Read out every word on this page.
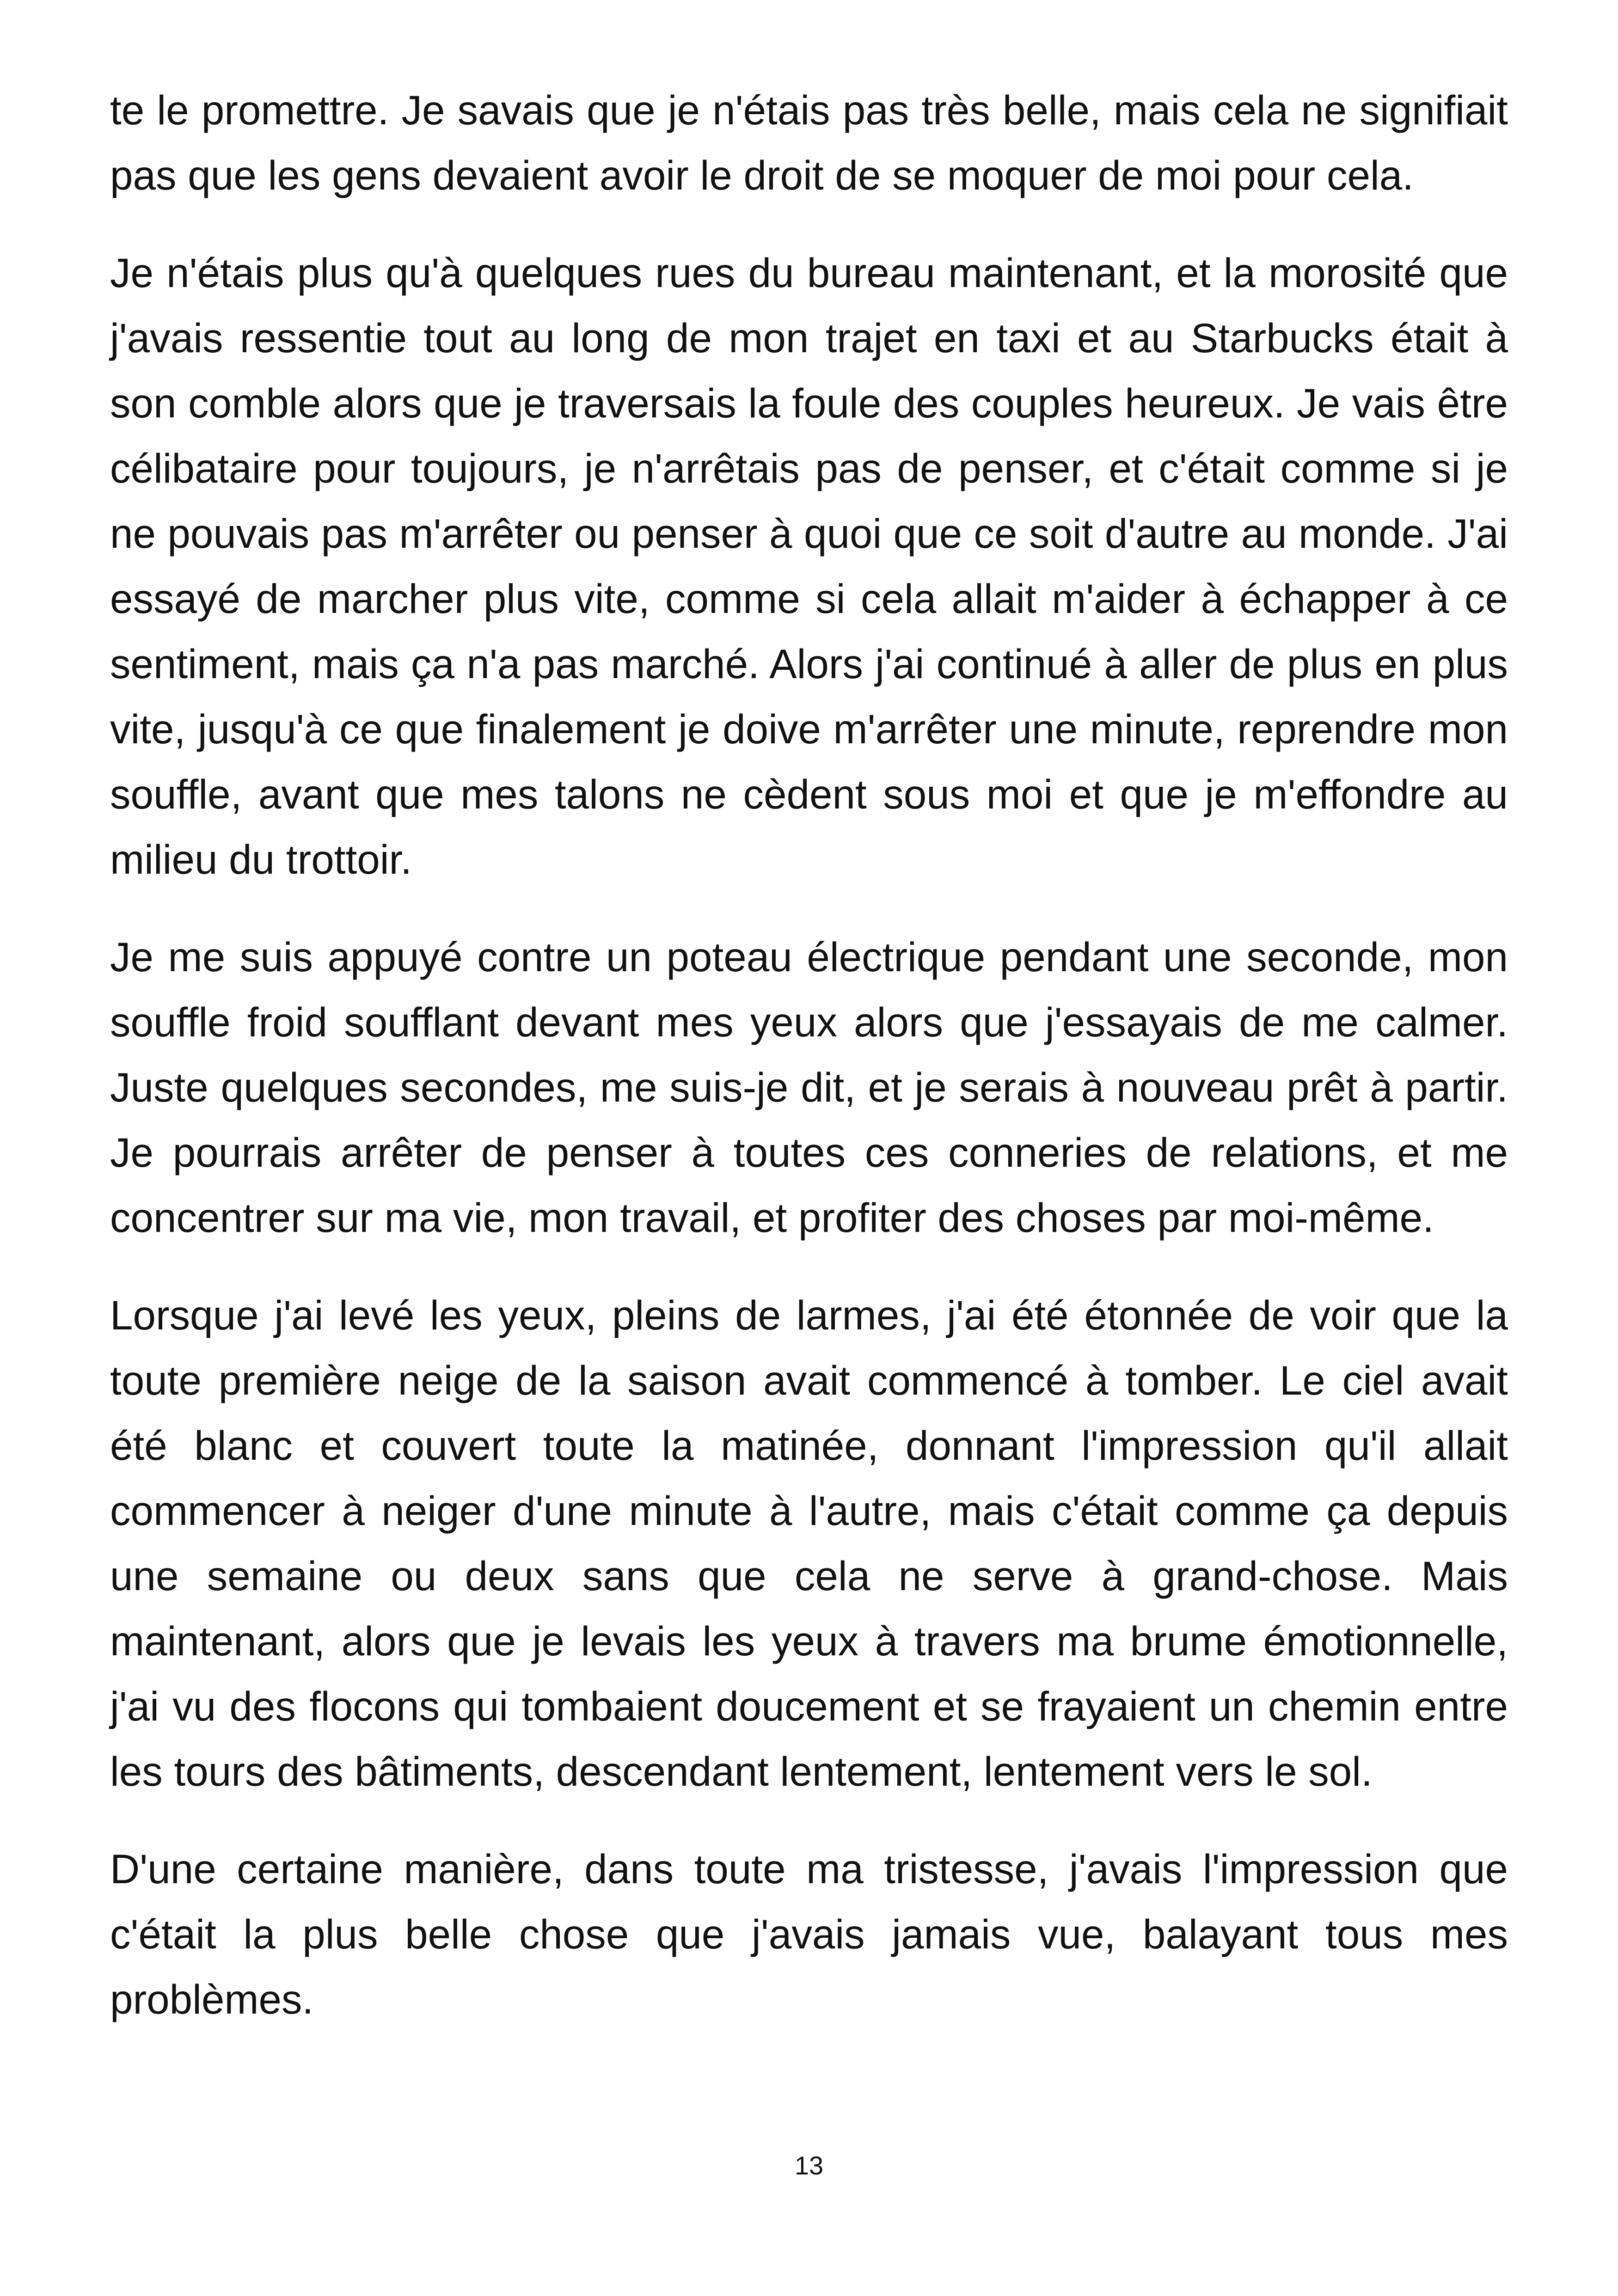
te le promettre. Je savais que je n'étais pas très belle, mais cela ne signifiait pas que les gens devaient avoir le droit de se moquer de moi pour cela.

Je n'étais plus qu'à quelques rues du bureau maintenant, et la morosité que j'avais ressentie tout au long de mon trajet en taxi et au Starbucks était à son comble alors que je traversais la foule des couples heureux. Je vais être célibataire pour toujours, je n'arrêtais pas de penser, et c'était comme si je ne pouvais pas m'arrêter ou penser à quoi que ce soit d'autre au monde. J'ai essayé de marcher plus vite, comme si cela allait m'aider à échapper à ce sentiment, mais ça n'a pas marché. Alors j'ai continué à aller de plus en plus vite, jusqu'à ce que finalement je doive m'arrêter une minute, reprendre mon souffle, avant que mes talons ne cèdent sous moi et que je m'effondre au milieu du trottoir.

Je me suis appuyé contre un poteau électrique pendant une seconde, mon souffle froid soufflant devant mes yeux alors que j'essayais de me calmer. Juste quelques secondes, me suis-je dit, et je serais à nouveau prêt à partir. Je pourrais arrêter de penser à toutes ces conneries de relations, et me concentrer sur ma vie, mon travail, et profiter des choses par moi-même.

Lorsque j'ai levé les yeux, pleins de larmes, j'ai été étonnée de voir que la toute première neige de la saison avait commencé à tomber. Le ciel avait été blanc et couvert toute la matinée, donnant l'impression qu'il allait commencer à neiger d'une minute à l'autre, mais c'était comme ça depuis une semaine ou deux sans que cela ne serve à grand-chose. Mais maintenant, alors que je levais les yeux à travers ma brume émotionnelle, j'ai vu des flocons qui tombaient doucement et se frayaient un chemin entre les tours des bâtiments, descendant lentement, lentement vers le sol.

D'une certaine manière, dans toute ma tristesse, j'avais l'impression que c'était la plus belle chose que j'avais jamais vue, balayant tous mes problèmes.

13
